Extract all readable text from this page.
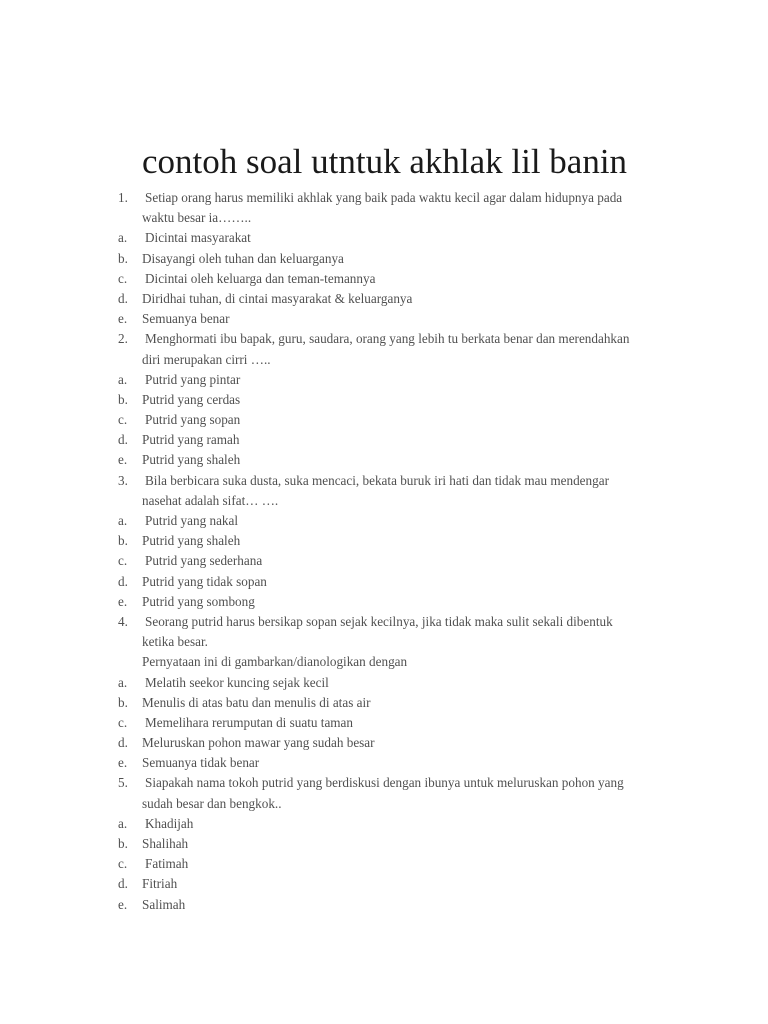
contoh soal utntuk akhlak lil banin
1. Setiap orang harus memiliki akhlak yang baik pada waktu kecil agar dalam hidupnya pada
waktu besar ia……..
a. Dicintai masyarakat
b. Disayangi oleh tuhan dan keluarganya
c. Dicintai oleh keluarga dan teman-temannya
d. Diridhai tuhan, di cintai masyarakat & keluarganya
e. Semuanya benar
2. Menghormati ibu bapak, guru, saudara, orang yang lebih tu berkata benar dan merendahkan
diri merupakan cirri …..
a. Putrid yang pintar
b. Putrid yang cerdas
c. Putrid yang sopan
d. Putrid yang ramah
e. Putrid yang shaleh
3. Bila berbicara suka dusta, suka mencaci, bekata buruk iri hati dan tidak mau mendengar
nasehat adalah sifat… ….
a. Putrid yang nakal
b. Putrid yang shaleh
c. Putrid yang sederhana
d. Putrid yang tidak sopan
e. Putrid yang sombong
4. Seorang putrid harus bersikap sopan sejak kecilnya, jika tidak maka sulit sekali dibentuk
ketika besar.
Pernyataan ini di gambarkan/dianologikan dengan
a. Melatih seekor kuncing sejak kecil
b. Menulis di atas batu dan menulis di atas air
c. Memelihara rerumputan di suatu taman
d. Meluruskan pohon mawar yang sudah besar
e. Semuanya tidak benar
5. Siapakah nama tokoh putrid yang berdiskusi dengan ibunya untuk meluruskan pohon yang
sudah besar dan bengkok..
a. Khadijah
b. Shalihah
c. Fatimah
d. Fitriah
e. Salimah
